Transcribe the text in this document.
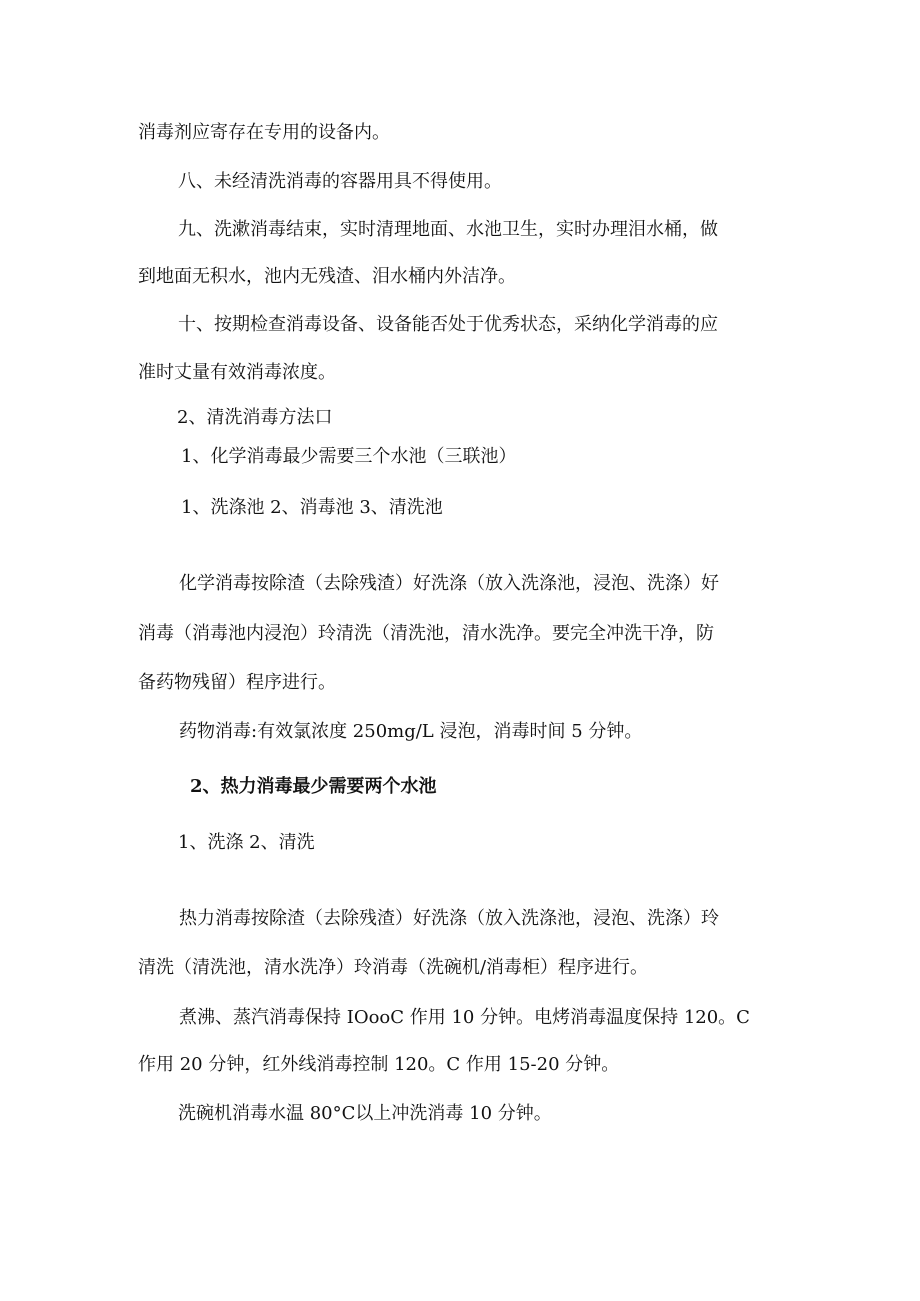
消毒剂应寄存在专用的设备内。

八、未经清洗消毒的容器用具不得使用。

九、洗漱消毒结束，实时清理地面、水池卫生，实时办理泪水桶，做

到地面无积水，池内无残渣、泪水桶内外洁净。

十、按期检查消毒设备、设备能否处于优秀状态，采纳化学消毒的应

准时丈量有效消毒浓度。

2、清洗消毒方法口

1、化学消毒最少需要三个水池（三联池）

1、洗涤池 2、消毒池 3、清洗池

化学消毒按除渣（去除残渣）好洗涤（放入洗涤池，浸泡、洗涤）好

消毒（消毒池内浸泡）玲清洗（清洗池，清水洗净。要完全冲洗干净，防

备药物残留）程序进行。

药物消毒:有效氯浓度 250mg/L 浸泡，消毒时间 5 分钟。

2、热力消毒最少需要两个水池

1、洗涤 2、清洗

热力消毒按除渣（去除残渣）好洗涤（放入洗涤池，浸泡、洗涤）玲

清洗（清洗池，清水洗净）玲消毒（洗碗机/消毒柜）程序进行。

煮沸、蒸汽消毒保持 IOooC 作用 10 分钟。电烤消毒温度保持 120。C

作用 20 分钟，红外线消毒控制 120。C 作用 15-20 分钟。

洗碗机消毒水温 80°C以上冲洗消毒 10 分钟。
